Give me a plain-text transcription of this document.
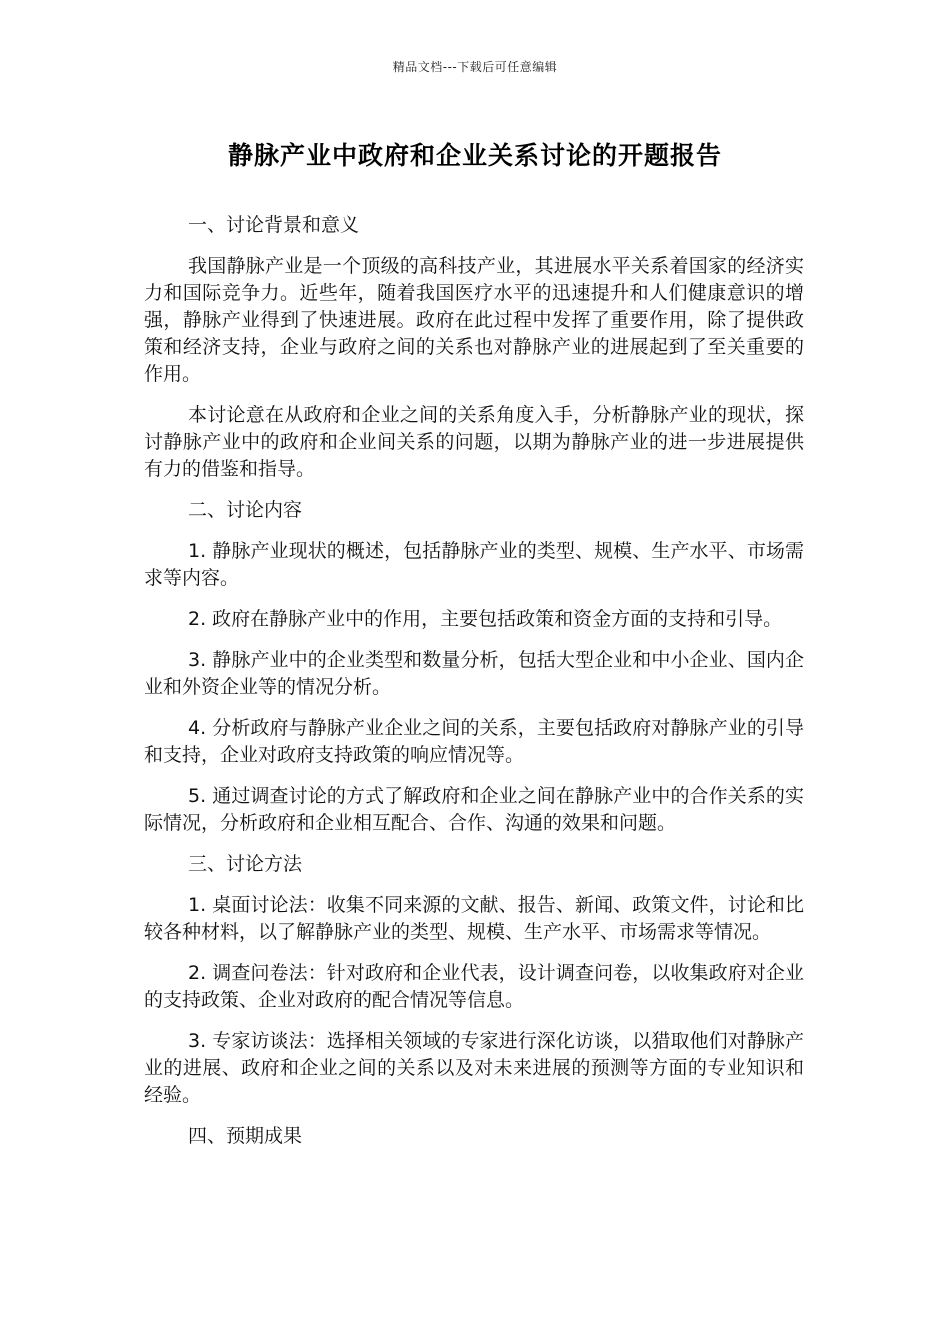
精品文档---下载后可任意编辑
静脉产业中政府和企业关系讨论的开题报告

一、讨论背景和意义

我国静脉产业是一个顶级的高科技产业，其进展水平关系着国家的经济实力和国际竞争力。近些年，随着我国医疗水平的迅速提升和人们健康意识的增强，静脉产业得到了快速进展。政府在此过程中发挥了重要作用，除了提供政策和经济支持，企业与政府之间的关系也对静脉产业的进展起到了至关重要的作用。

本讨论意在从政府和企业之间的关系角度入手，分析静脉产业的现状，探讨静脉产业中的政府和企业间关系的问题，以期为静脉产业的进一步进展提供有力的借鉴和指导。

二、讨论内容

1. 静脉产业现状的概述，包括静脉产业的类型、规模、生产水平、市场需求等内容。

2. 政府在静脉产业中的作用，主要包括政策和资金方面的支持和引导。

3. 静脉产业中的企业类型和数量分析，包括大型企业和中小企业、国内企业和外资企业等的情况分析。

4. 分析政府与静脉产业企业之间的关系，主要包括政府对静脉产业的引导和支持，企业对政府支持政策的响应情况等。

5. 通过调查讨论的方式了解政府和企业之间在静脉产业中的合作关系的实际情况，分析政府和企业相互配合、合作、沟通的效果和问题。

三、讨论方法

1. 桌面讨论法：收集不同来源的文献、报告、新闻、政策文件，讨论和比较各种材料，以了解静脉产业的类型、规模、生产水平、市场需求等情况。

2. 调查问卷法：针对政府和企业代表，设计调查问卷，以收集政府对企业的支持政策、企业对政府的配合情况等信息。

3. 专家访谈法：选择相关领域的专家进行深化访谈，以猎取他们对静脉产业的进展、政府和企业之间的关系以及对未来进展的预测等方面的专业知识和经验。

四、预期成果
